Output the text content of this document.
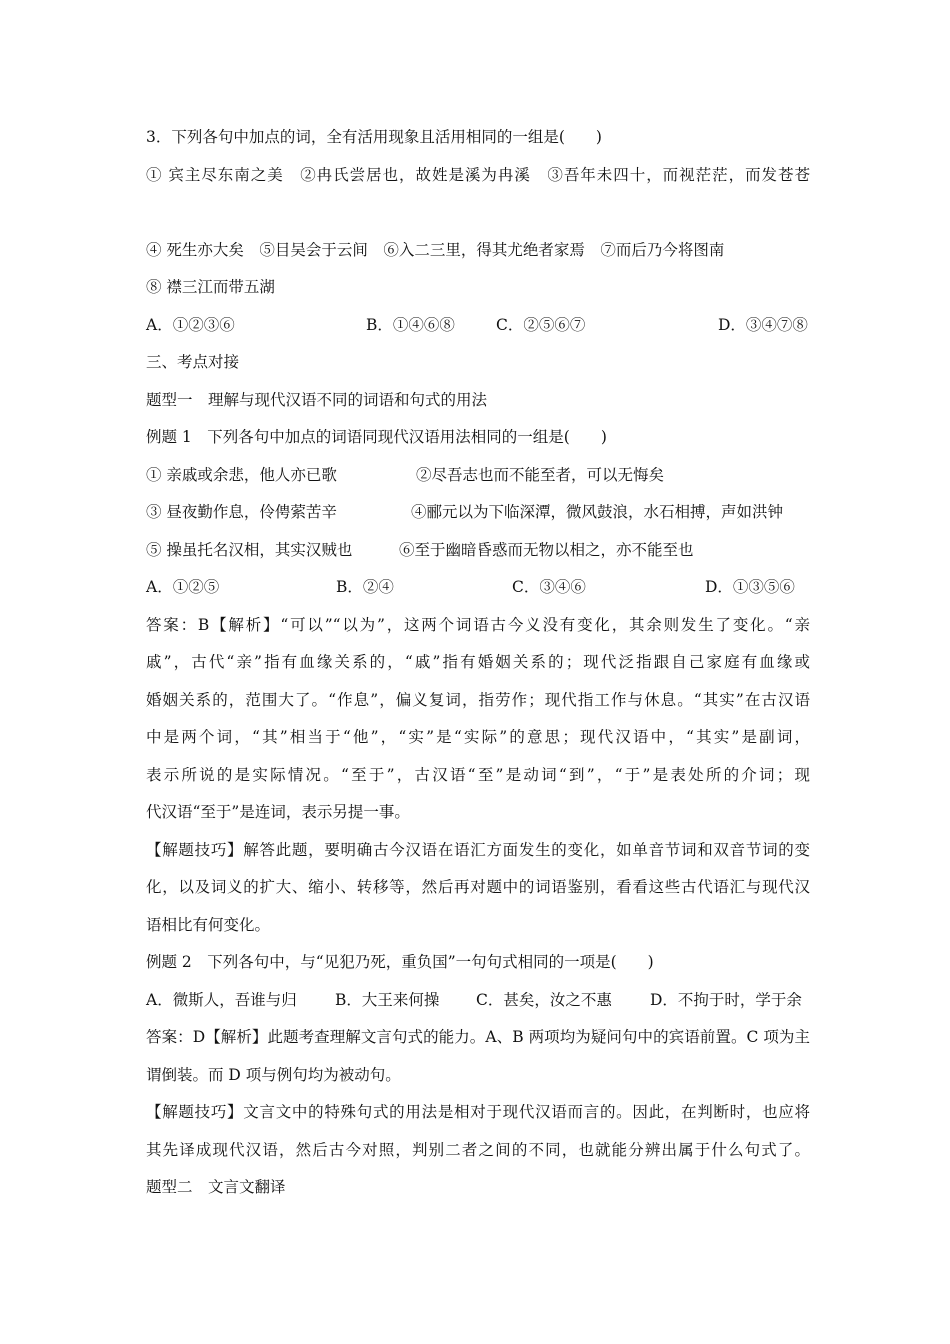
3．下列各句中加点的词，全有活用现象且活用相同的一组是(　　)
① 宾主尽东南之美　②冉氏尝居也，故姓是溪为冉溪　③吾年未四十，而视茫茫，而发苍苍
④ 死生亦大矣　⑤目吴会于云间　⑥入二三里，得其尤绝者家焉　⑦而后乃今将图南
⑧ 襟三江而带五湖
A．①②③⑥	B．①④⑥⑧	C．②⑤⑥⑦	D．③④⑦⑧
三、考点对接
题型一　理解与现代汉语不同的词语和句式的用法
例题 1　下列各句中加点的词语同现代汉语用法相同的一组是(　　)
① 亲戚或余悲，他人亦已歌	②尽吾志也而不能至者，可以无悔矣
③ 昼夜勤作息，伶俜萦苦辛	④郦元以为下临深潭，微风鼓浪，水石相搏，声如洪钟
⑤ 操虽托名汉相，其实汉贼也	⑥至于幽暗昏惑而无物以相之，亦不能至也
A．①②⑤	B．②④	C．③④⑥	D．①③⑤⑥
答案：B【解析】“可以”“以为”，这两个词语古今义没有变化，其余则发生了变化。“亲
戚”，古代“亲”指有血缘关系的，“戚”指有婚姻关系的；现代泛指跟自己家庭有血缘或
婚姻关系的，范围大了。“作息”，偏义复词，指劳作；现代指工作与休息。“其实”在古汉语
中是两个词，“其”相当于“他”，“实”是“实际”的意思；现代汉语中，“其实”是副词，
表示所说的是实际情况。“至于”，古汉语“至”是动词“到”，“于”是表处所的介词；现
代汉语“至于”是连词，表示另提一事。
【解题技巧】解答此题，要明确古今汉语在语汇方面发生的变化，如单音节词和双音节词的变
化，以及词义的扩大、缩小、转移等，然后再对题中的词语鉴别，看看这些古代语汇与现代汉
语相比有何变化。
例题 2　下列各句中，与“见犯乃死，重负国”一句句式相同的一项是(　　)
A．微斯人，吾谁与归 B．大王来何操 C．甚矣，汝之不惠 D．不拘于时，学于余
答案：D【解析】此题考查理解文言句式的能力。A、B 两项均为疑问句中的宾语前置。C 项为主
谓倒装。而 D 项与例句均为被动句。
【解题技巧】文言文中的特殊句式的用法是相对于现代汉语而言的。因此，在判断时，也应将
其先译成现代汉语，然后古今对照，判别二者之间的不同，也就能分辨出属于什么句式了。
题型二　文言文翻译
